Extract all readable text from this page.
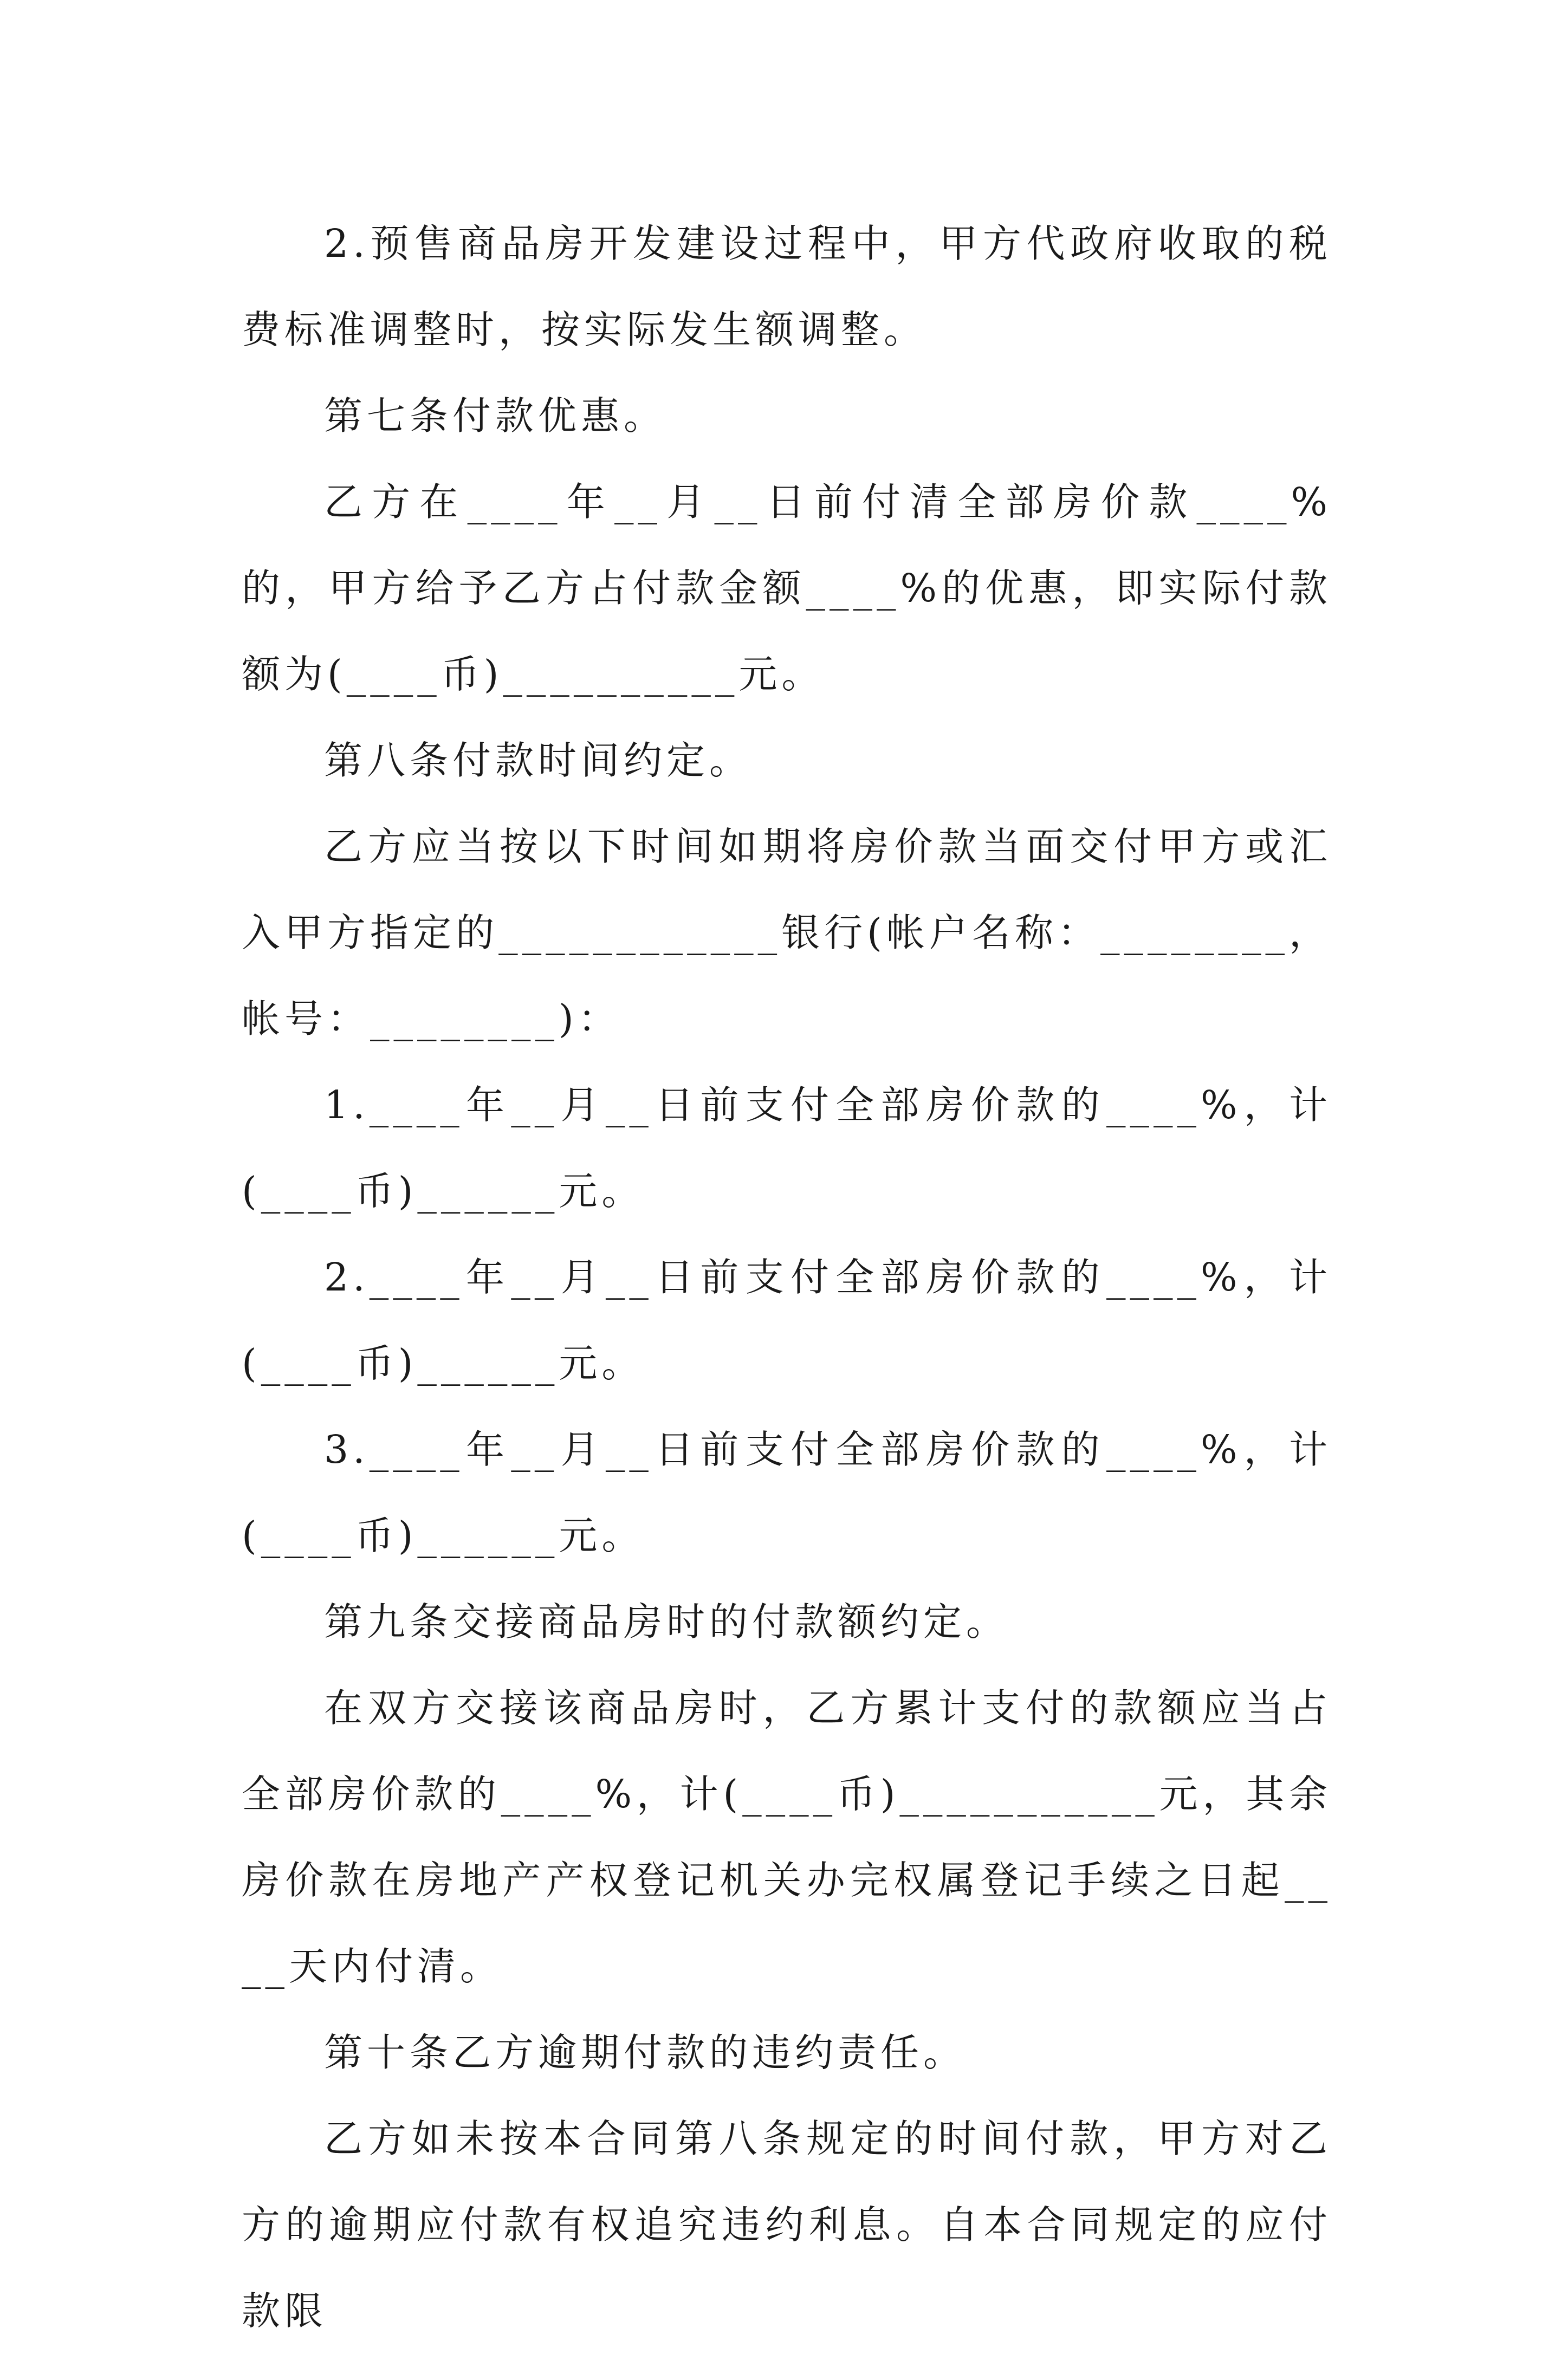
2.预售商品房开发建设过程中，甲方代政府收取的税费标准调整时，按实际发生额调整。

第七条付款优惠。

乙方在____年__月__日前付清全部房价款____%的，甲方给予乙方占付款金额____%的优惠，即实际付款额为(____币)__________元。

第八条付款时间约定。

乙方应当按以下时间如期将房价款当面交付甲方或汇入甲方指定的____________银行(帐户名称：________，帐号：________)：

1.____年__月__日前支付全部房价款的____%，计(____币)______元。

2.____年__月__日前支付全部房价款的____%，计(____币)______元。

3.____年__月__日前支付全部房价款的____%，计(____币)______元。

第九条交接商品房时的付款额约定。

在双方交接该商品房时，乙方累计支付的款额应当占全部房价款的____%，计(____币)___________元，其余房价款在房地产产权登记机关办完权属登记手续之日起____天内付清。

第十条乙方逾期付款的违约责任。

乙方如未按本合同第八条规定的时间付款，甲方对乙方的逾期应付款有权追究违约利息。自本合同规定的应付款限
